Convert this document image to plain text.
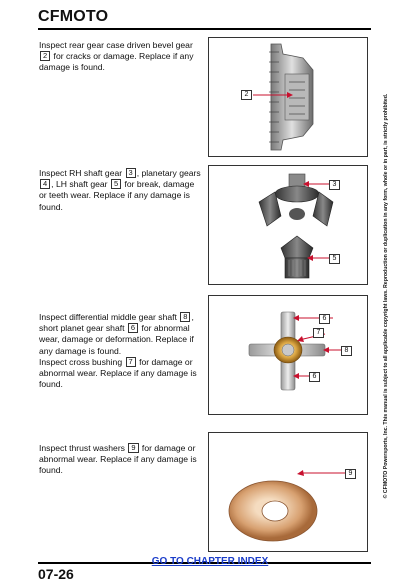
CFMOTO
Inspect rear gear case driven bevel gear 2 for cracks or damage. Replace if any damage is found.
2
Inspect RH shaft gear 3 , planetary gears 4 , LH shaft gear 5 for break, damage or teeth wear. Replace if any damage is found.
3
5
Inspect differential middle gear shaft 8 , short planet gear shaft 6 for abnormal wear, damage or deformation. Replace if any damage is found.
Inspect cross bushing 7 for damage or abnormal wear. Replace if any damage is found.
6
7
8
6
Inspect thrust washers 9 for damage or abnormal wear. Replace if any damage is found.	9	© CFMOTO Powersports, Inc. This manual is subject to all applicable copyright laws. Reproduction or duplication in any form, whole or in part, is strictly prohibited.
GO TO CHAPTER INDEX
07-26
